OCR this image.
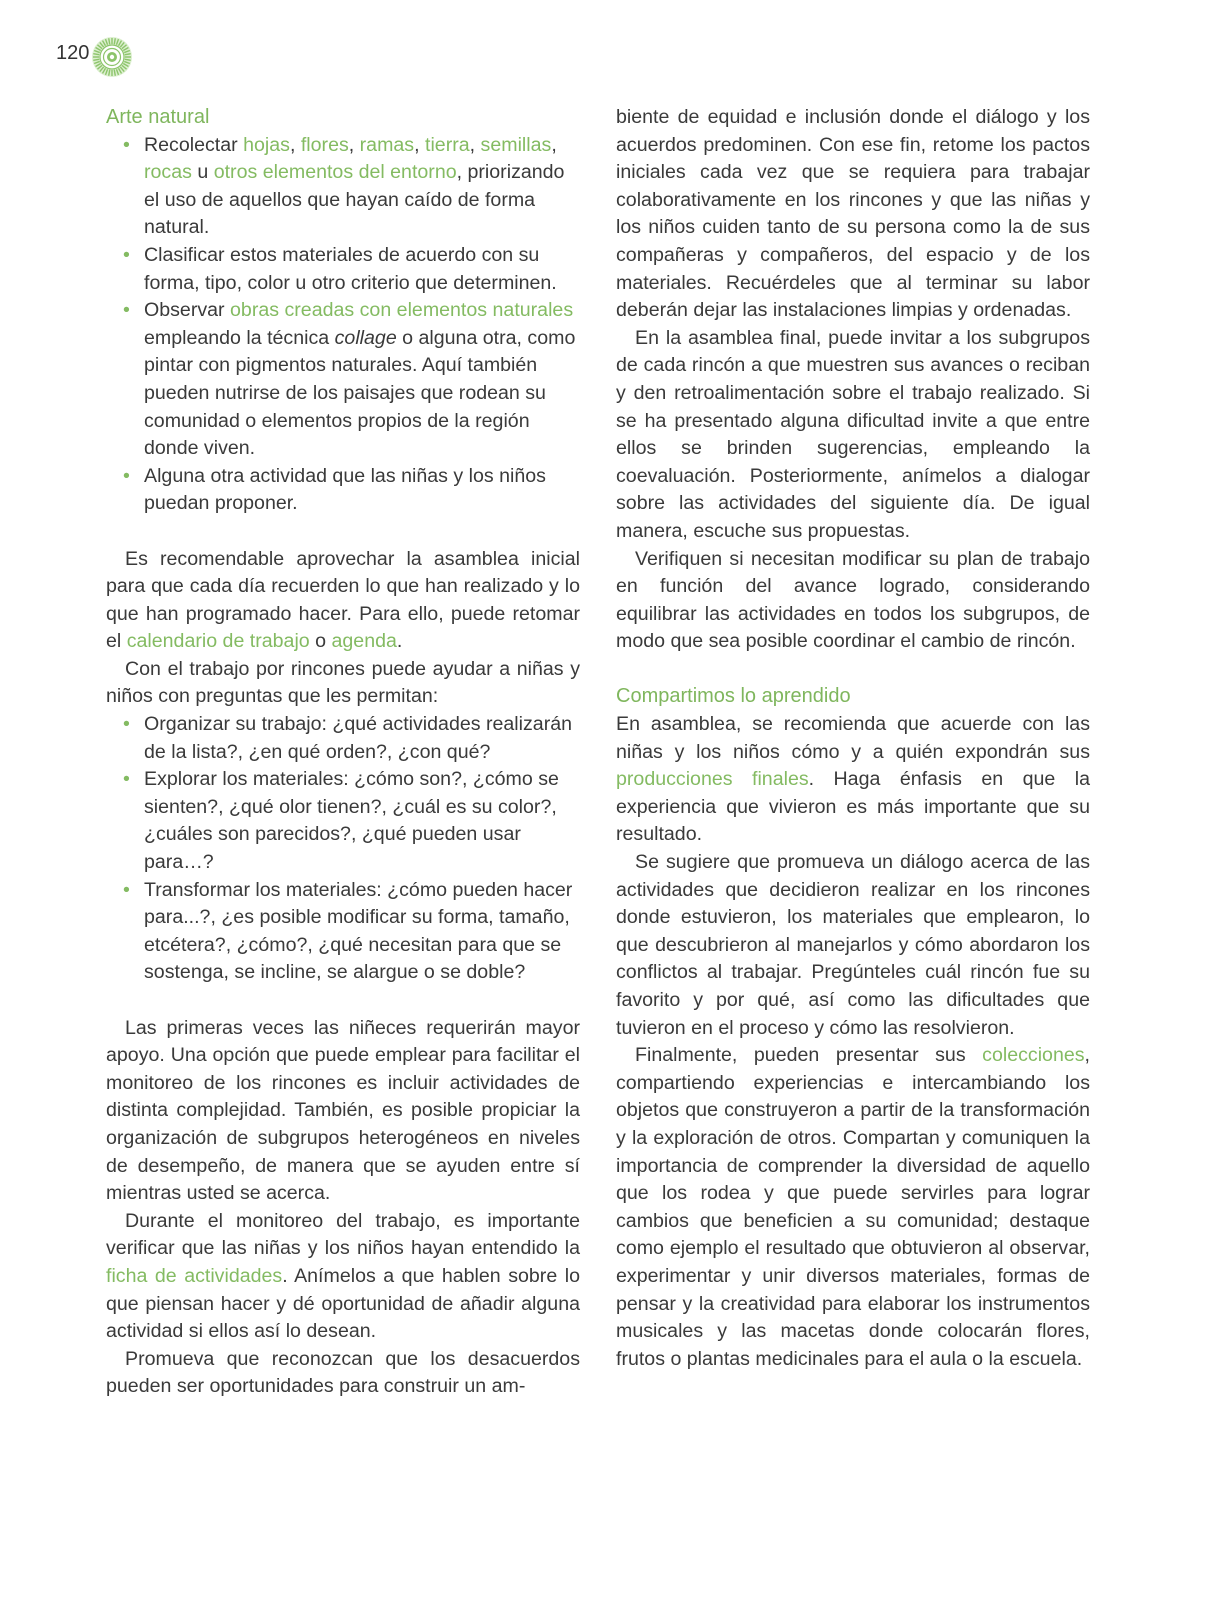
120

Arte natural

• Recolectar hojas, flores, ramas, tierra, semillas, rocas u otros elementos del entorno, priorizando el uso de aquellos que hayan caído de forma natural.
• Clasificar estos materiales de acuerdo con su forma, tipo, color u otro criterio que determinen.
• Observar obras creadas con elementos naturales empleando la técnica collage o alguna otra, como pintar con pigmentos naturales. Aquí también pueden nutrirse de los paisajes que rodean su comunidad o elementos propios de la región donde viven.
• Alguna otra actividad que las niñas y los niños puedan proponer.

Es recomendable aprovechar la asamblea inicial para que cada día recuerden lo que han realizado y lo que han programado hacer. Para ello, puede retomar el calendario de trabajo o agenda.

Con el trabajo por rincones puede ayudar a niñas y niños con preguntas que les permitan:

• Organizar su trabajo: ¿qué actividades realizarán de la lista?, ¿en qué orden?, ¿con qué?
• Explorar los materiales: ¿cómo son?, ¿cómo se sienten?, ¿qué olor tienen?, ¿cuál es su color?, ¿cuáles son parecidos?, ¿qué pueden usar para…?
• Transformar los materiales: ¿cómo pueden hacer para...?, ¿es posible modificar su forma, tamaño, etcétera?, ¿cómo?, ¿qué necesitan para que se sostenga, se incline, se alargue o se doble?

Las primeras veces las niñeces requerirán mayor apoyo. Una opción que puede emplear para facilitar el monitoreo de los rincones es incluir actividades de distinta complejidad. También, es posible propiciar la organización de subgrupos heterogéneos en niveles de desempeño, de manera que se ayuden entre sí mientras usted se acerca.

Durante el monitoreo del trabajo, es importante verificar que las niñas y los niños hayan entendido la ficha de actividades. Anímelos a que hablen sobre lo que piensan hacer y dé oportunidad de añadir alguna actividad si ellos así lo desean.

Promueva que reconozcan que los desacuerdos pueden ser oportunidades para construir un am-

biente de equidad e inclusión donde el diálogo y los acuerdos predominen. Con ese fin, retome los pactos iniciales cada vez que se requiera para trabajar colaborativamente en los rincones y que las niñas y los niños cuiden tanto de su persona como la de sus compañeras y compañeros, del espacio y de los materiales. Recuérdeles que al terminar su labor deberán dejar las instalaciones limpias y ordenadas.

En la asamblea final, puede invitar a los subgrupos de cada rincón a que muestren sus avances o reciban y den retroalimentación sobre el trabajo realizado. Si se ha presentado alguna dificultad invite a que entre ellos se brinden sugerencias, empleando la coevaluación. Posteriormente, anímelos a dialogar sobre las actividades del siguiente día. De igual manera, escuche sus propuestas.

Verifiquen si necesitan modificar su plan de trabajo en función del avance logrado, considerando equilibrar las actividades en todos los subgrupos, de modo que sea posible coordinar el cambio de rincón.

Compartimos lo aprendido

En asamblea, se recomienda que acuerde con las niñas y los niños cómo y a quién expondrán sus producciones finales. Haga énfasis en que la experiencia que vivieron es más importante que su resultado.

Se sugiere que promueva un diálogo acerca de las actividades que decidieron realizar en los rincones donde estuvieron, los materiales que emplearon, lo que descubrieron al manejarlos y cómo abordaron los conflictos al trabajar. Pregúnteles cuál rincón fue su favorito y por qué, así como las dificultades que tuvieron en el proceso y cómo las resolvieron.

Finalmente, pueden presentar sus colecciones, compartiendo experiencias e intercambiando los objetos que construyeron a partir de la transformación y la exploración de otros. Compartan y comuniquen la importancia de comprender la diversidad de aquello que los rodea y que puede servirles para lograr cambios que beneficien a su comunidad; destaque como ejemplo el resultado que obtuvieron al observar, experimentar y unir diversos materiales, formas de pensar y la creatividad para elaborar los instrumentos musicales y las macetas donde colocarán flores, frutos o plantas medicinales para el aula o la escuela.
